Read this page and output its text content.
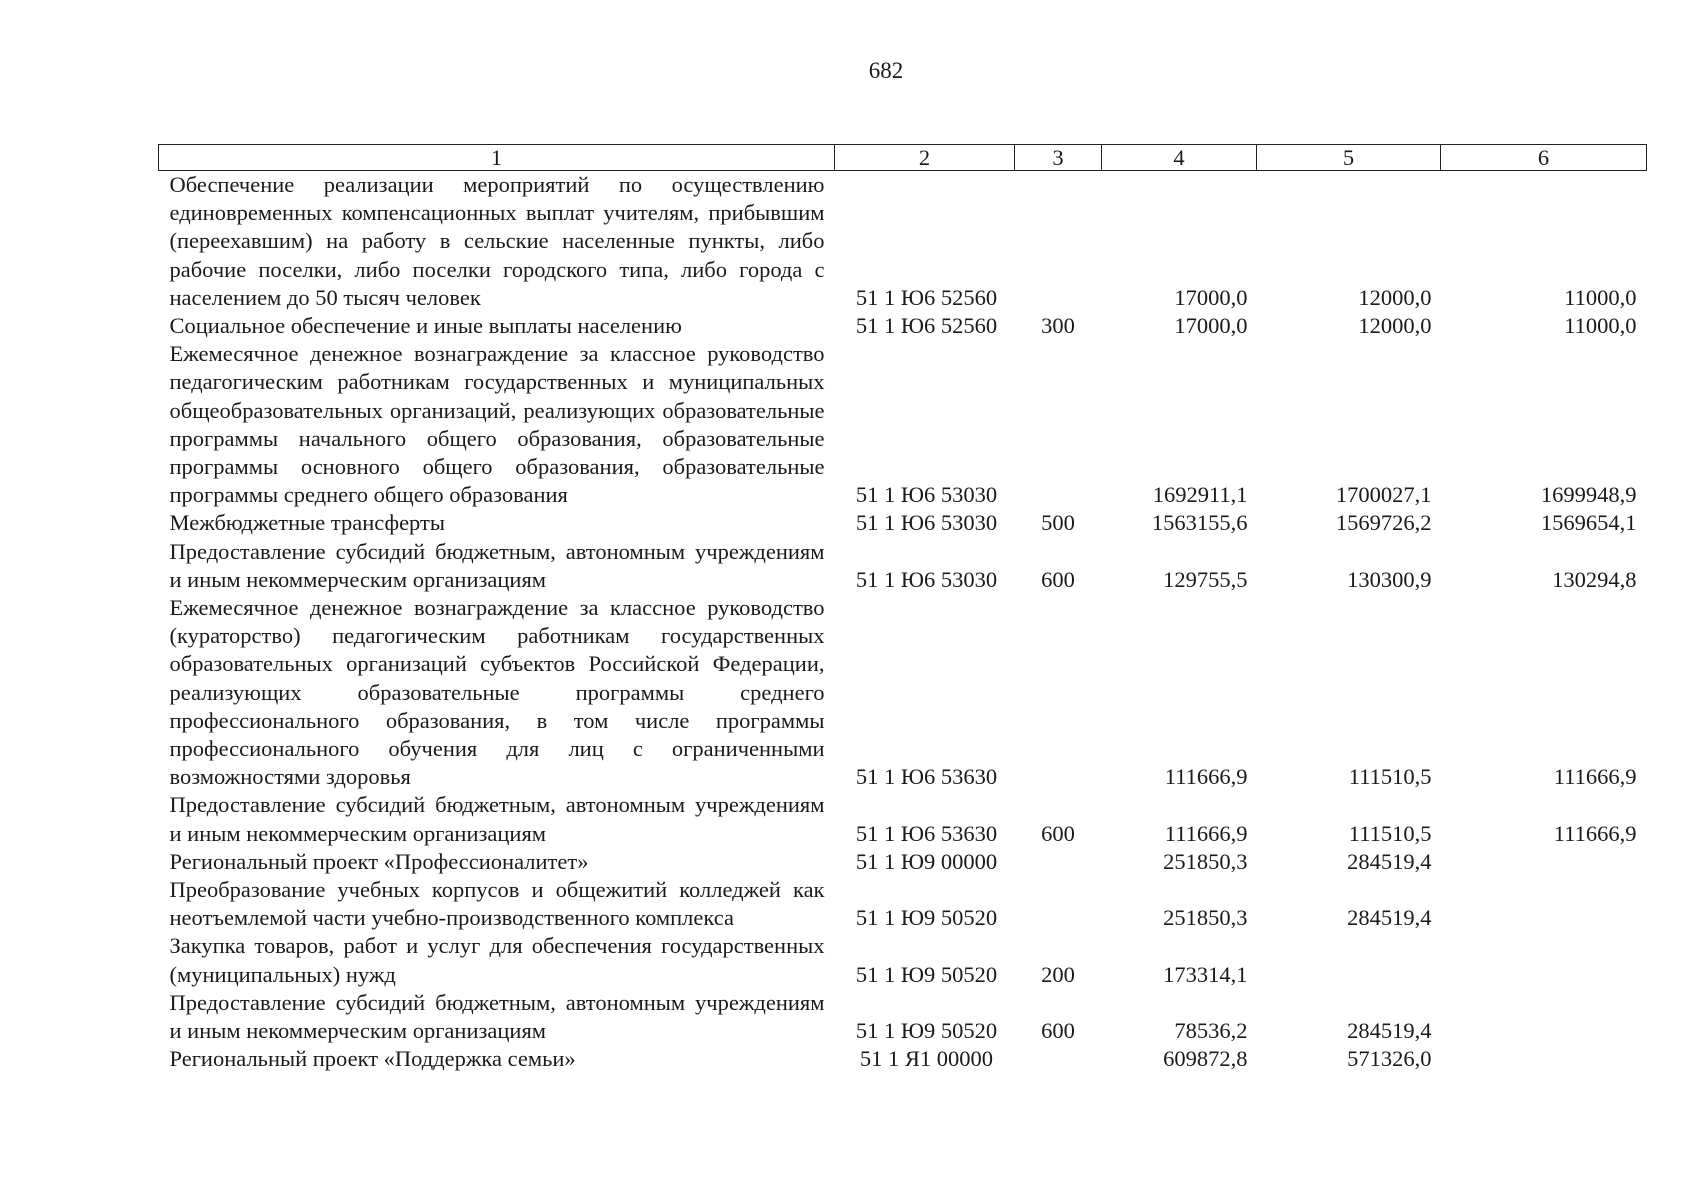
682
1	2	3	4	5	6
Обеспечение реализации мероприятий по осуществлению единовременных компенсационных выплат учителям, прибывшим (переехавшим) на работу в сельские населенные пункты, либо рабочие поселки, либо поселки городского типа, либо города с населением до 50 тысяч человек	51 1 Ю6 52560		17000,0	12000,0	11000,0
Социальное обеспечение и иные выплаты населению	51 1 Ю6 52560	300	17000,0	12000,0	11000,0
Ежемесячное денежное вознаграждение за классное руководство педагогическим работникам государственных и муниципальных общеобразовательных организаций, реализующих образовательные программы начального общего образования, образовательные программы основного общего образования, образовательные программы среднего общего образования	51 1 Ю6 53030		1692911,1	1700027,1	1699948,9
Межбюджетные трансферты	51 1 Ю6 53030	500	1563155,6	1569726,2	1569654,1
Предоставление субсидий бюджетным, автономным учреждениям и иным некоммерческим организациям	51 1 Ю6 53030	600	129755,5	130300,9	130294,8
Ежемесячное денежное вознаграждение за классное руководство (кураторство) педагогическим работникам государственных образовательных организаций субъектов Российской Федерации, реализующих образовательные программы среднего профессионального образования, в том числе программы профессионального обучения для лиц с ограниченными возможностями здоровья	51 1 Ю6 53630		111666,9	111510,5	111666,9
Предоставление субсидий бюджетным, автономным учреждениям и иным некоммерческим организациям	51 1 Ю6 53630	600	111666,9	111510,5	111666,9
Региональный проект «Профессионалитет»	51 1 Ю9 00000		251850,3	284519,4	
Преобразование учебных корпусов и общежитий колледжей как неотъемлемой части учебно-производственного комплекса	51 1 Ю9 50520		251850,3	284519,4	
Закупка товаров, работ и услуг для обеспечения государственных (муниципальных) нужд	51 1 Ю9 50520	200	173314,1		
Предоставление субсидий бюджетным, автономным учреждениям и иным некоммерческим организациям	51 1 Ю9 50520	600	78536,2	284519,4	
Региональный проект «Поддержка семьи»	51 1 Я1 00000		609872,8	571326,0	
